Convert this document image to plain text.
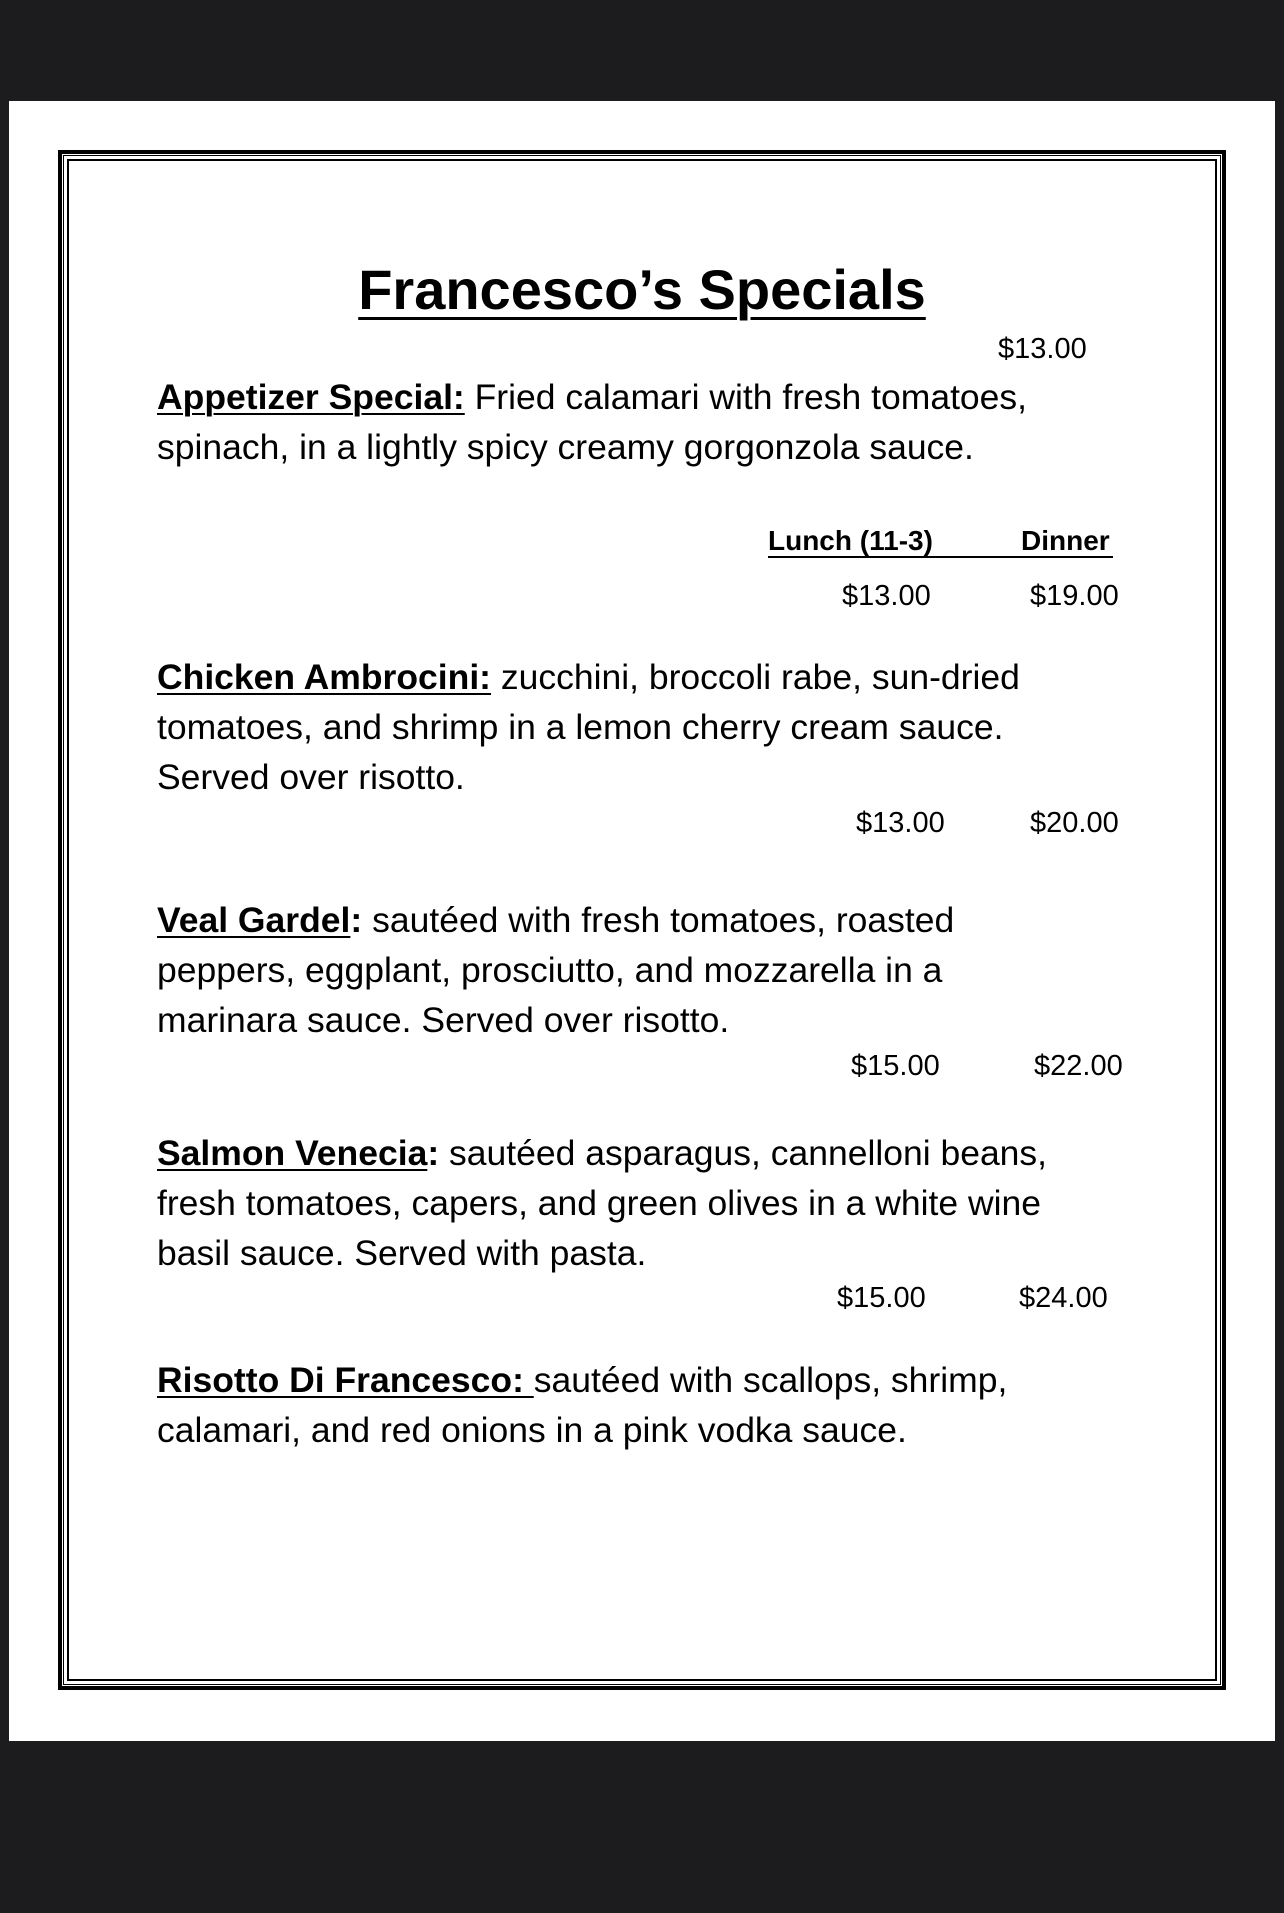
Francesco’s Specials
$13.00
Appetizer Special: Fried calamari with fresh tomatoes, spinach, in a lightly spicy creamy gorgonzola sauce.
Lunch (11-3)	Dinner
$13.00	$19.00
Chicken Ambrocini: zucchini, broccoli rabe, sun-dried tomatoes, and shrimp in a lemon cherry cream sauce. Served over risotto.
$13.00	$20.00
Veal Gardel: sautéed with fresh tomatoes, roasted peppers, eggplant, prosciutto, and mozzarella in a marinara sauce. Served over risotto.
$15.00	$22.00
Salmon Venecia: sautéed asparagus, cannelloni beans, fresh tomatoes, capers, and green olives in a white wine basil sauce. Served with pasta.
$15.00	$24.00
Risotto Di Francesco: sautéed with scallops, shrimp, calamari, and red onions in a pink vodka sauce.
